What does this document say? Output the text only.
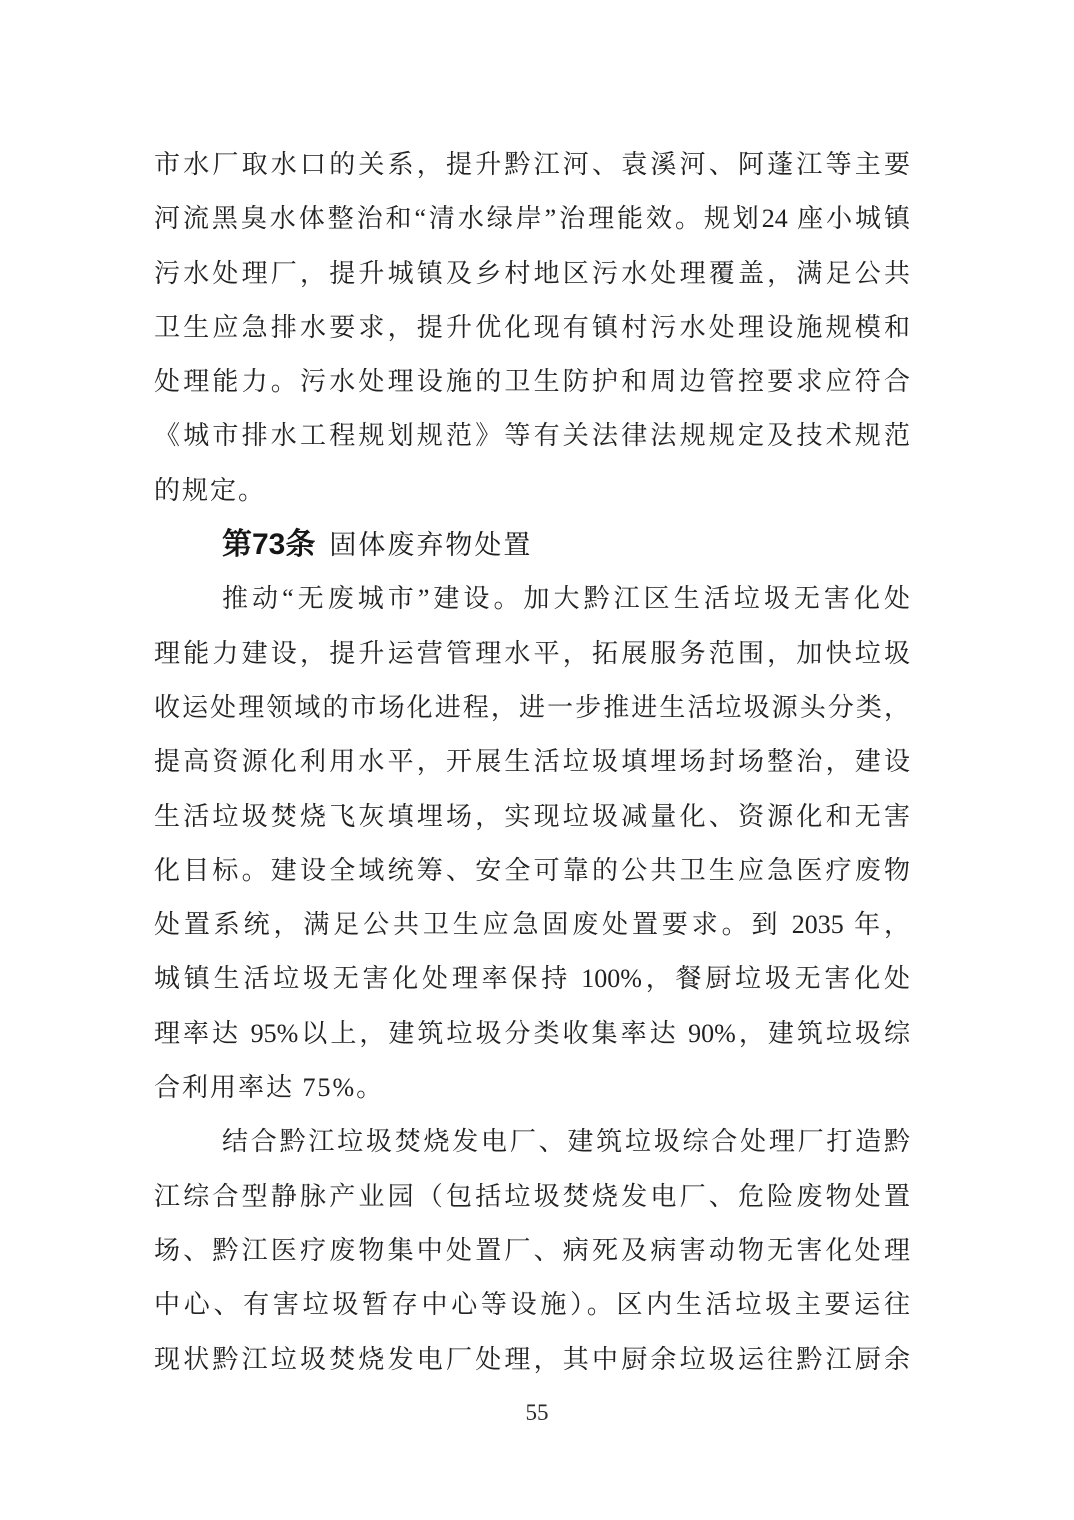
市水厂取水口的关系，提升黔江河、袁溪河、阿蓬江等主要
河流黑臭水体整治和“清水绿岸”治理能效。规划24 座小城镇
污水处理厂，提升城镇及乡村地区污水处理覆盖，满足公共
卫生应急排水要求，提升优化现有镇村污水处理设施规模和
处理能力。污水处理设施的卫生防护和周边管控要求应符合
《城市排水工程规划规范》等有关法律法规规定及技术规范
的规定。
第73条 固体废弃物处置
推动“无废城市”建设。加大黔江区生活垃圾无害化处
理能力建设，提升运营管理水平，拓展服务范围，加快垃圾
收运处理领域的市场化进程，进一步推进生活垃圾源头分类，
提高资源化利用水平，开展生活垃圾填埋场封场整治，建设
生活垃圾焚烧飞灰填埋场，实现垃圾减量化、资源化和无害
化目标。建设全域统筹、安全可靠的公共卫生应急医疗废物
处置系统，满足公共卫生应急固废处置要求。到 2035 年，
城镇生活垃圾无害化处理率保持 100%，餐厨垃圾无害化处
理率达 95%以上，建筑垃圾分类收集率达 90%，建筑垃圾综
合利用率达 75%。
结合黔江垃圾焚烧发电厂、建筑垃圾综合处理厂打造黔
江综合型静脉产业园（包括垃圾焚烧发电厂、危险废物处置
场、黔江医疗废物集中处置厂、病死及病害动物无害化处理
中心、有害垃圾暂存中心等设施）。区内生活垃圾主要运往
现状黔江垃圾焚烧发电厂处理，其中厨余垃圾运往黔江厨余
55
